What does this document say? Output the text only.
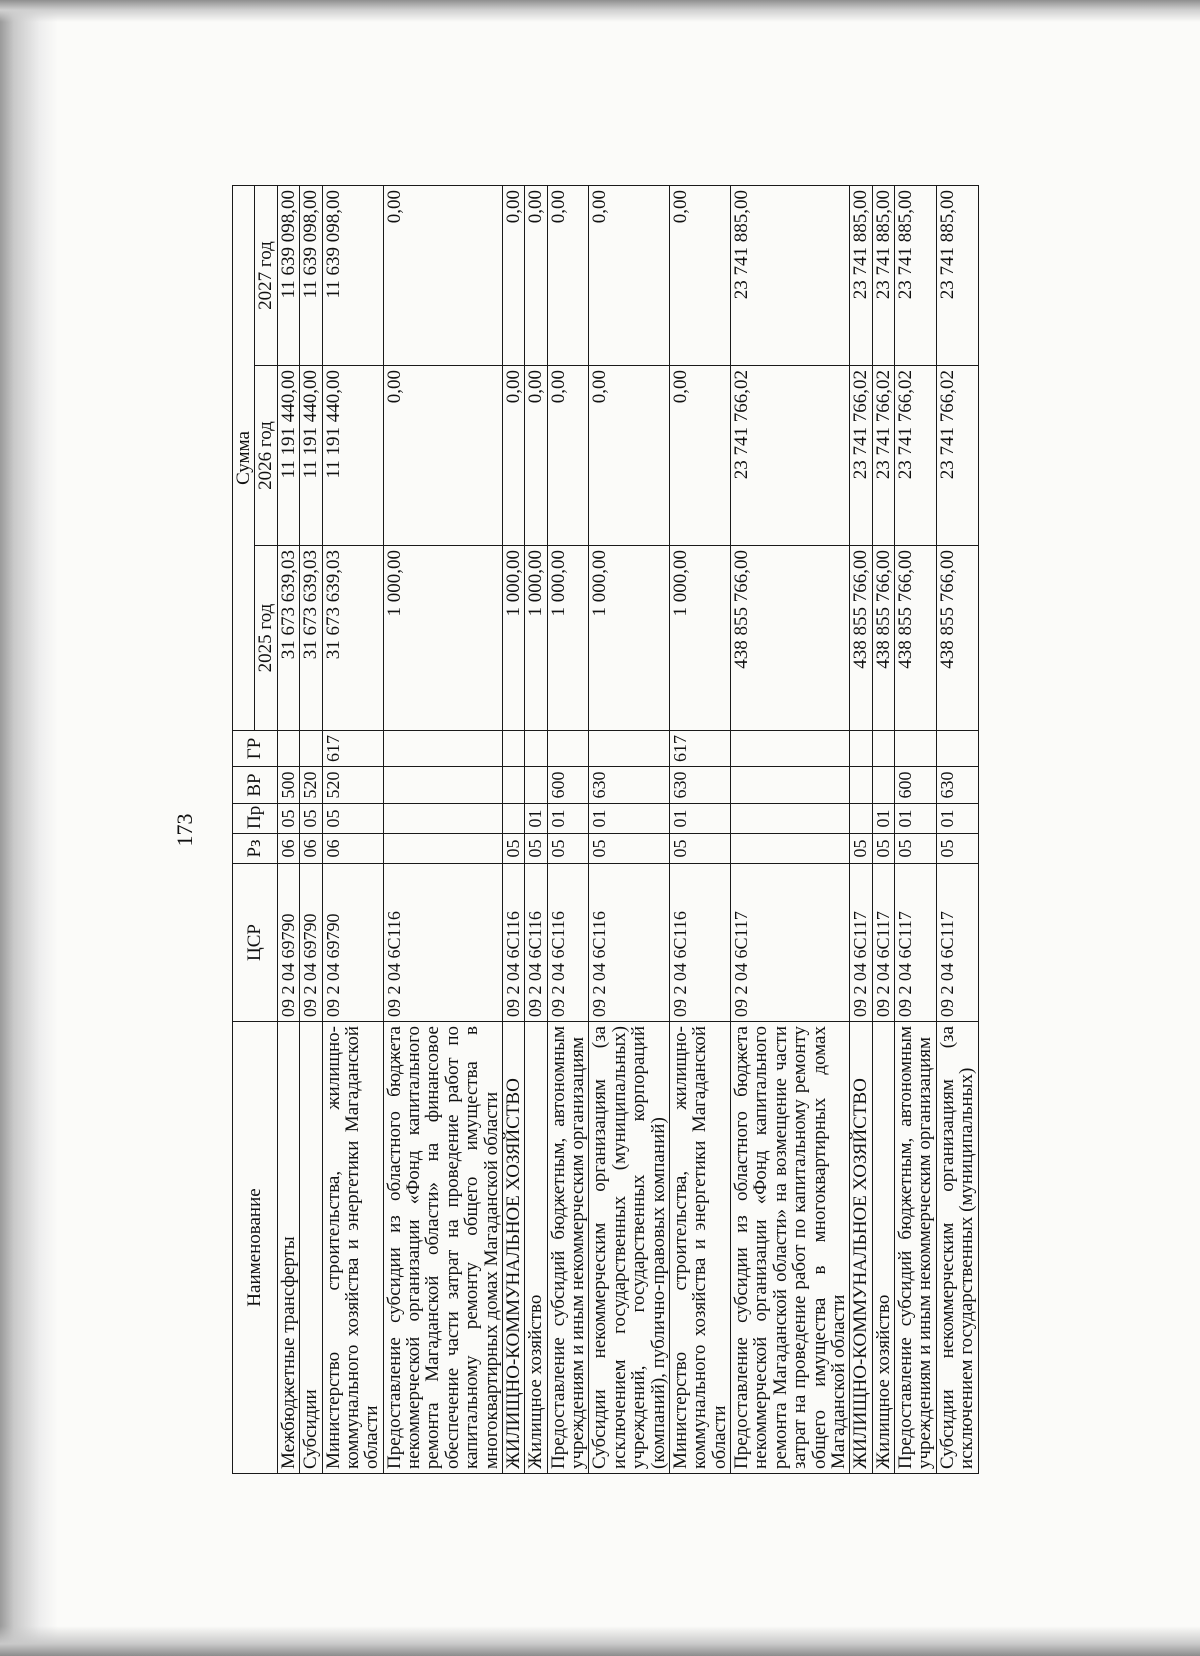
173
Наименование	ЦСР	Рз	Пр	ВР	ГР	Сумма		
						2025 год	2026 год	2027 год
Межбюджетные трансферты	09 2 04 69790	06	05	500		31 673 639,03	11 191 440,00	11 639 098,00
Субсидии	09 2 04 69790	06	05	520		31 673 639,03	11 191 440,00	11 639 098,00
Министерство строительства, жилищно-коммунального хозяйства и энергетики Магаданской области	09 2 04 69790	06	05	520	617	31 673 639,03	11 191 440,00	11 639 098,00
Предоставление субсидии из областного бюджета некоммерческой организации «Фонд капитального ремонта Магаданской области» на финансовое обеспечение части затрат на проведение работ по капитальному ремонту общего имущества в многоквартирных домах Магаданской области	09 2 04 6С116					1 000,00	0,00	0,00
ЖИЛИЩНО-КОММУНАЛЬНОЕ ХОЗЯЙСТВО	09 2 04 6С116	05				1 000,00	0,00	0,00
Жилищное хозяйство	09 2 04 6С116	05	01			1 000,00	0,00	0,00
Предоставление субсидий бюджетным, автономным учреждениям и иным некоммерческим организациям	09 2 04 6С116	05	01	600		1 000,00	0,00	0,00
Субсидии некоммерческим организациям (за исключением государственных (муниципальных) учреждений, государственных корпораций (компаний), публично-правовых компаний)	09 2 04 6С116	05	01	630		1 000,00	0,00	0,00
Министерство строительства, жилищно-коммунального хозяйства и энергетики Магаданской области	09 2 04 6С116	05	01	630	617	1 000,00	0,00	0,00
Предоставление субсидии из областного бюджета некоммерческой организации «Фонд капитального ремонта Магаданской области» на возмещение части затрат на проведение работ по капитальному ремонту общего имущества в многоквартирных домах Магаданской области	09 2 04 6С117					438 855 766,00	23 741 766,02	23 741 885,00
ЖИЛИЩНО-КОММУНАЛЬНОЕ ХОЗЯЙСТВО	09 2 04 6С117	05				438 855 766,00	23 741 766,02	23 741 885,00
Жилищное хозяйство	09 2 04 6С117	05	01			438 855 766,00	23 741 766,02	23 741 885,00
Предоставление субсидий бюджетным, автономным учреждениям и иным некоммерческим организациям	09 2 04 6С117	05	01	600		438 855 766,00	23 741 766,02	23 741 885,00
Субсидии некоммерческим организациям (за исключением государственных (муниципальных)	09 2 04 6С117	05	01	630		438 855 766,00	23 741 766,02	23 741 885,00
